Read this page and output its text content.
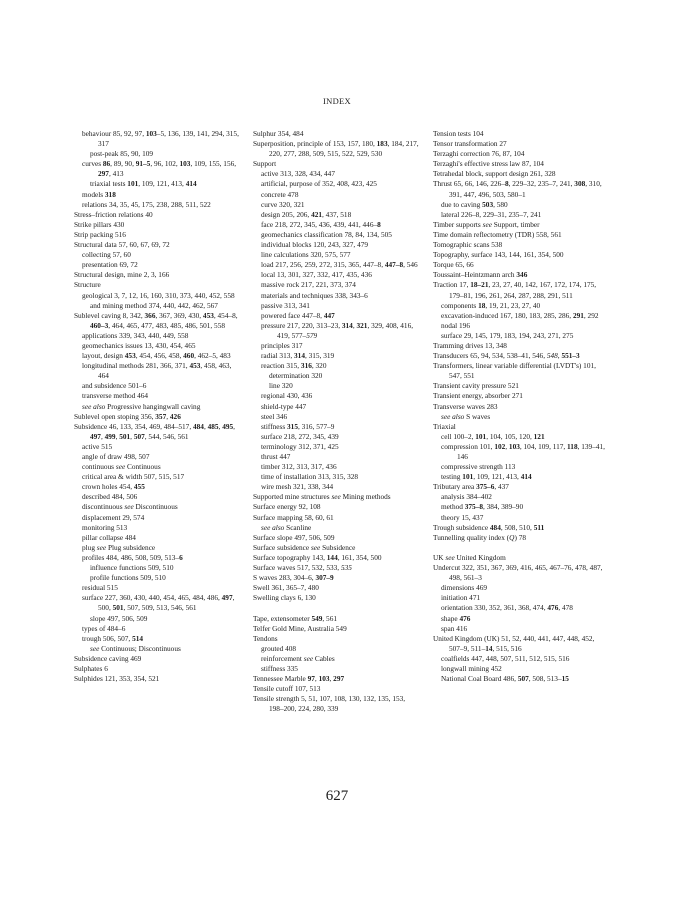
INDEX
behaviour 85, 92, 97, 103–5, 136, 139, 141, 294, 315, 317
post-peak 85, 90, 109
curves 86, 89, 90, 91–5, 96, 102, 103, 109, 155, 156, 297, 413
triaxial tests 101, 109, 121, 413, 414
models 318
relations 34, 35, 45, 175, 238, 288, 511, 522
Stress–friction relations 40
Strike pillars 430
Strip packing 516
Structural data 57, 60, 67, 69, 72
collecting 57, 60
presentation 69, 72
Structural design, mine 2, 3, 166
Structure
geological 3, 7, 12, 16, 160, 310, 373, 440, 452, 558
and mining method 374, 440, 442, 462, 567
Sublevel caving 8, 342, 366, 367, 369, 430, 453, 454–8, 460–3, 464, 465, 477, 483, 485, 486, 501, 558
applications 339, 343, 440, 449, 558
geomechanics issues 13, 430, 454, 465
layout, design 453, 454, 456, 458, 460, 462–5, 483
longitudinal methods 281, 366, 371, 453, 458, 463, 464
and subsidence 501–6
transverse method 464
see also Progressive hangingwall caving
Sublevel open stoping 356, 357, 426
Subsidence 46, 133, 354, 469, 484–517, 484, 485, 495, 497, 499, 501, 507, 544, 546, 561
active 515
angle of draw 498, 507
continuous see Continuous
critical area & width 507, 515, 517
crown holes 454, 455
described 484, 506
discontinuous see Discontinuous
displacement 29, 574
monitoring 513
pillar collapse 484
plug see Plug subsidence
profiles 484, 486, 508, 509, 513–6
influence functions 509, 510
profile functions 509, 510
residual 515
surface 227, 360, 430, 440, 454, 465, 484, 486, 497, 500, 501, 507, 509, 513, 546, 561
slope 497, 506, 509
types of 484–6
trough 506, 507, 514
see Continuous; Discontinuous
Subsidence caving 469
Sulphates 6
Sulphides 121, 353, 354, 521
Sulphur 354, 484
Superposition, principle of 153, 157, 180, 183, 184, 217, 220, 277, 288, 509, 515, 522, 529, 530
Support
active 313, 328, 434, 447
artificial, purpose of 352, 408, 423, 425
concrete 478
curve 320, 321
design 205, 206, 421, 437, 518
face 218, 272, 345, 436, 439, 441, 446–8
geomechanics classification 78, 84, 134, 505
individual blocks 120, 243, 327, 479
line calculations 320, 575, 577
load 217, 256, 259, 272, 315, 365, 447–8, 447–8, 546
local 13, 301, 327, 332, 417, 435, 436
massive rock 217, 221, 373, 374
materials and techniques 338, 343–6
passive 313, 341
powered face 447–8, 447
pressure 217, 220, 313–23, 314, 321, 329, 408, 416, 419, 577–579
principles 317
radial 313, 314, 315, 319
reaction 315, 316, 320
determination 320
line 320
regional 430, 436
shield-type 447
steel 346
stiffness 315, 316, 577–9
surface 218, 272, 345, 439
terminology 312, 371, 425
thrust 447
timber 312, 313, 317, 436
time of installation 313, 315, 328
wire mesh 321, 338, 344
Supported mine structures see Mining methods
Surface energy 92, 108
Surface mapping 58, 60, 61
see also Scanline
Surface slope 497, 506, 509
Surface subsidence see Subsidence
Surface topography 143, 144, 161, 354, 500
Surface waves 517, 532, 533, 535
S waves 283, 304–6, 307–9
Swell 361, 365–7, 480
Swelling clays 6, 130
Tape, extensometer 549, 561
Telfer Gold Mine, Australia 549
Tendons
grouted 408
reinforcement see Cables
stiffness 335
Tennessee Marble 97, 103, 297
Tensile cutoff 107, 513
Tensile strength 5, 51, 107, 108, 130, 132, 135, 153, 198–200, 224, 280, 339
Tension tests 104
Tensor transformation 27
Terzaghi correction 76, 87, 104
Terzaghi's effective stress law 87, 104
Tetrahedal block, support design 261, 328
Thrust 65, 66, 146, 226–8, 229–32, 235–7, 241, 308, 310, 391, 447, 496, 503, 580–1
due to caving 503, 580
lateral 226–8, 229–31, 235–7, 241
Timber supports see Support, timber
Time domain reflectometry (TDR) 558, 561
Tomographic scans 538
Topography, surface 143, 144, 161, 354, 500
Torque 65, 66
Toussaint–Heintzmann arch 346
Traction 17, 18–21, 23, 27, 40, 142, 167, 172, 174, 175, 179–81, 196, 261, 264, 287, 288, 291, 511
components 18, 19, 21, 23, 27, 40
excavation-induced 167, 180, 183, 285, 286, 291, 292
nodal 196
surface 29, 145, 179, 183, 194, 243, 271, 275
Tramming drives 13, 348
Transducers 65, 94, 534, 538–41, 546, 548, 551–3
Transformers, linear variable differential (LVDT's) 101, 547, 551
Transient cavity pressure 521
Transient energy, absorber 271
Transverse waves 283
see also S waves
Triaxial
cell 100–2, 101, 104, 105, 120, 121
compression 101, 102, 103, 104, 109, 117, 118, 139–41, 146
compressive strength 113
testing 101, 109, 121, 413, 414
Tributary area 375–6, 437
analysis 384–402
method 375–8, 384, 389–90
theory 15, 437
Trough subsidence 484, 508, 510, 511
Tunnelling quality index (Q) 78
UK see United Kingdom
Undercut 322, 351, 367, 369, 416, 465, 467–76, 478, 487, 498, 561–3
dimensions 469
initiation 471
orientation 330, 352, 361, 368, 474, 476, 478
shape 476
span 416
United Kingdom (UK) 51, 52, 440, 441, 447, 448, 452, 507–9, 511–14, 515, 516
coalfields 447, 448, 507, 511, 512, 515, 516
longwall mining 452
National Coal Board 486, 507, 508, 513–15
627
